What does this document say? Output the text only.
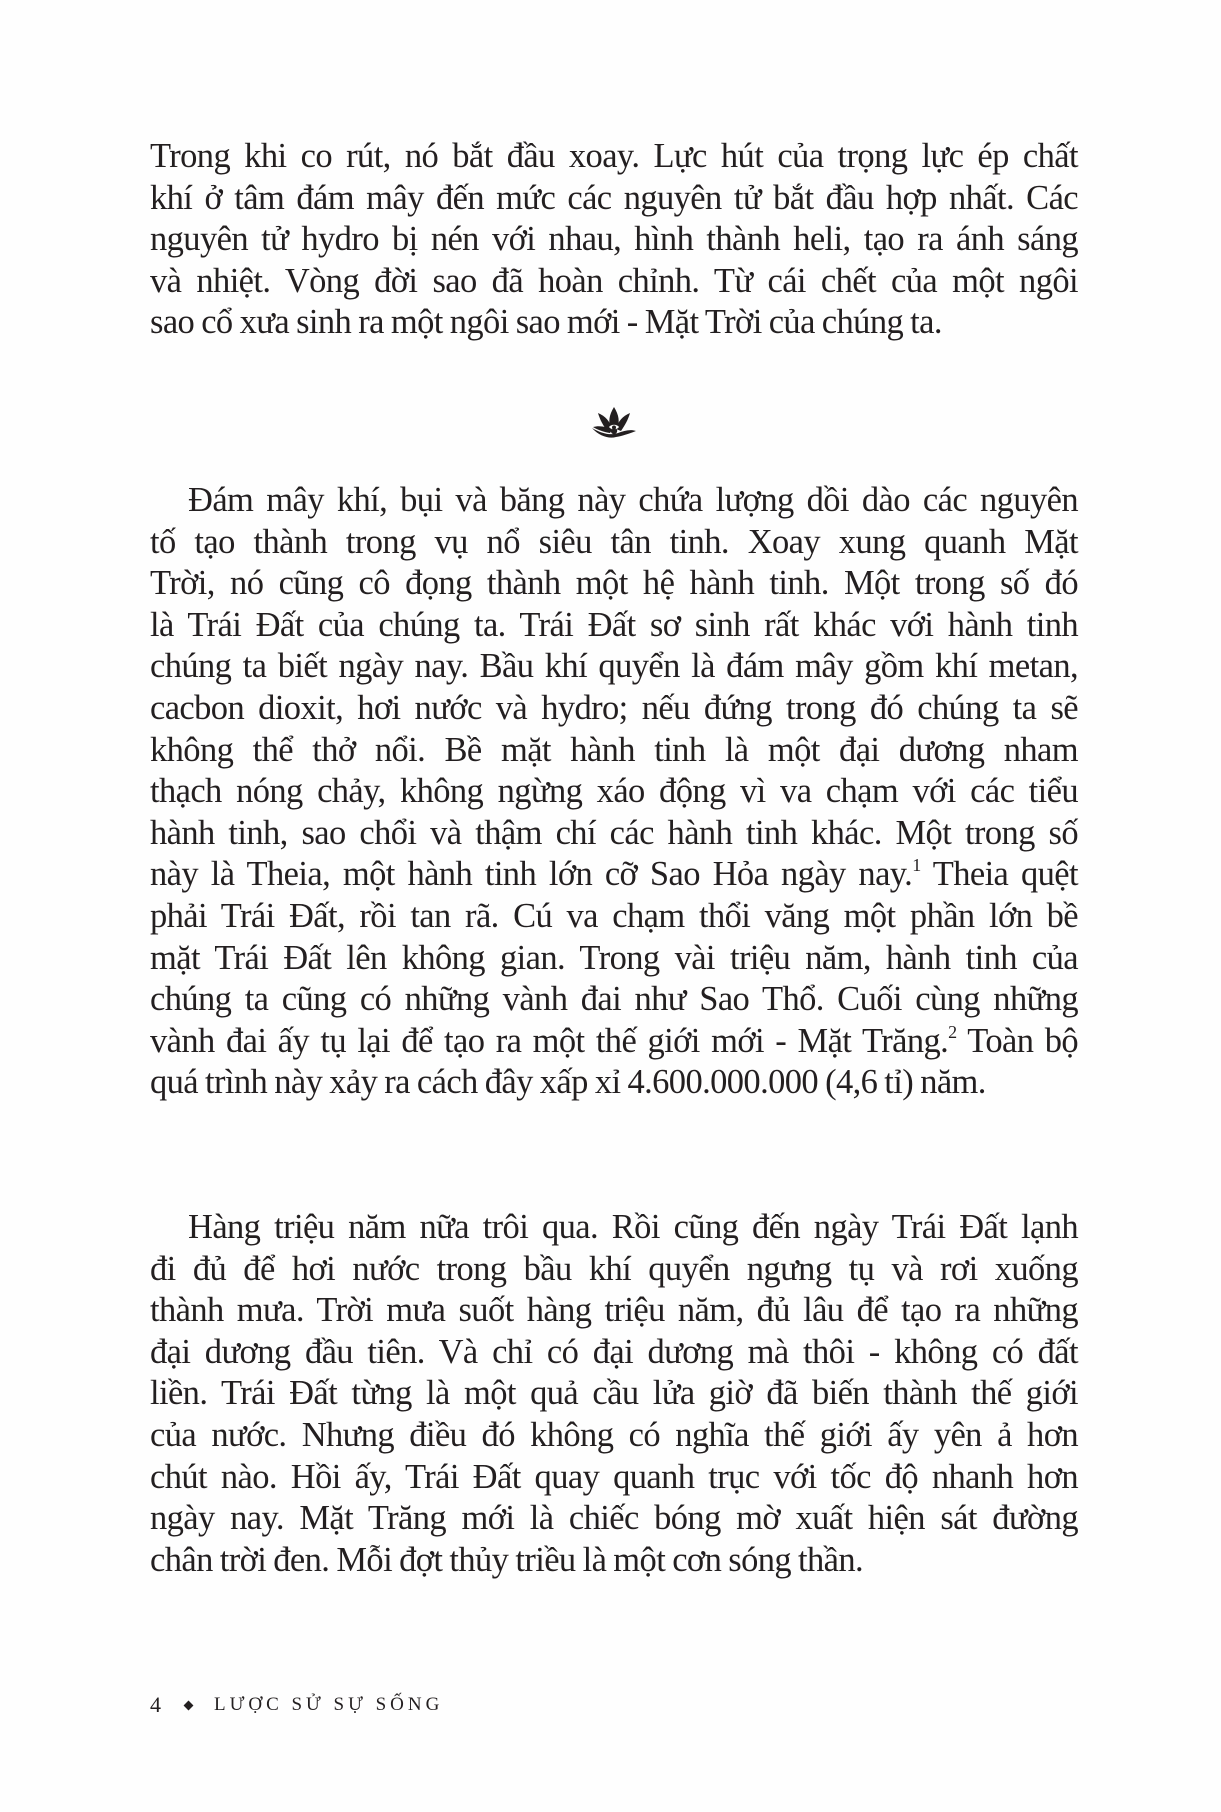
Trong khi co rút, nó bắt đầu xoay. Lực hút của trọng lực ép chất
khí ở tâm đám mây đến mức các nguyên tử bắt đầu hợp nhất. Các
nguyên tử hydro bị nén với nhau, hình thành heli, tạo ra ánh sáng
và nhiệt. Vòng đời sao đã hoàn chỉnh. Từ cái chết của một ngôi
sao cổ xưa sinh ra một ngôi sao mới - Mặt Trời của chúng ta.
Đám mây khí, bụi và băng này chứa lượng dồi dào các nguyên
tố tạo thành trong vụ nổ siêu tân tinh. Xoay xung quanh Mặt
Trời, nó cũng cô đọng thành một hệ hành tinh. Một trong số đó
là Trái Đất của chúng ta. Trái Đất sơ sinh rất khác với hành tinh
chúng ta biết ngày nay. Bầu khí quyển là đám mây gồm khí metan,
cacbon dioxit, hơi nước và hydro; nếu đứng trong đó chúng ta sẽ
không thể thở nổi. Bề mặt hành tinh là một đại dương nham
thạch nóng chảy, không ngừng xáo động vì va chạm với các tiểu
hành tinh, sao chổi và thậm chí các hành tinh khác. Một trong số
này là Theia, một hành tinh lớn cỡ Sao Hỏa ngày nay.$^1$ Theia quệt
phải Trái Đất, rồi tan rã. Cú va chạm thổi văng một phần lớn bề
mặt Trái Đất lên không gian. Trong vài triệu năm, hành tinh của
chúng ta cũng có những vành đai như Sao Thổ. Cuối cùng những
vành đai ấy tụ lại để tạo ra một thế giới mới - Mặt Trăng.$^2$ Toàn bộ
quá trình này xảy ra cách đây xấp xỉ 4.600.000.000 (4,6 tỉ) năm.
Hàng triệu năm nữa trôi qua. Rồi cũng đến ngày Trái Đất lạnh
đi đủ để hơi nước trong bầu khí quyển ngưng tụ và rơi xuống
thành mưa. Trời mưa suốt hàng triệu năm, đủ lâu để tạo ra những
đại dương đầu tiên. Và chỉ có đại dương mà thôi - không có đất
liền. Trái Đất từng là một quả cầu lửa giờ đã biến thành thế giới
của nước. Nhưng điều đó không có nghĩa thế giới ấy yên ả hơn
chút nào. Hồi ấy, Trái Đất quay quanh trục với tốc độ nhanh hơn
ngày nay. Mặt Trăng mới là chiếc bóng mờ xuất hiện sát đường
chân trời đen. Mỗi đợt thủy triều là một cơn sóng thần.
4	LƯỢC SỬ SỰ SỐNG
